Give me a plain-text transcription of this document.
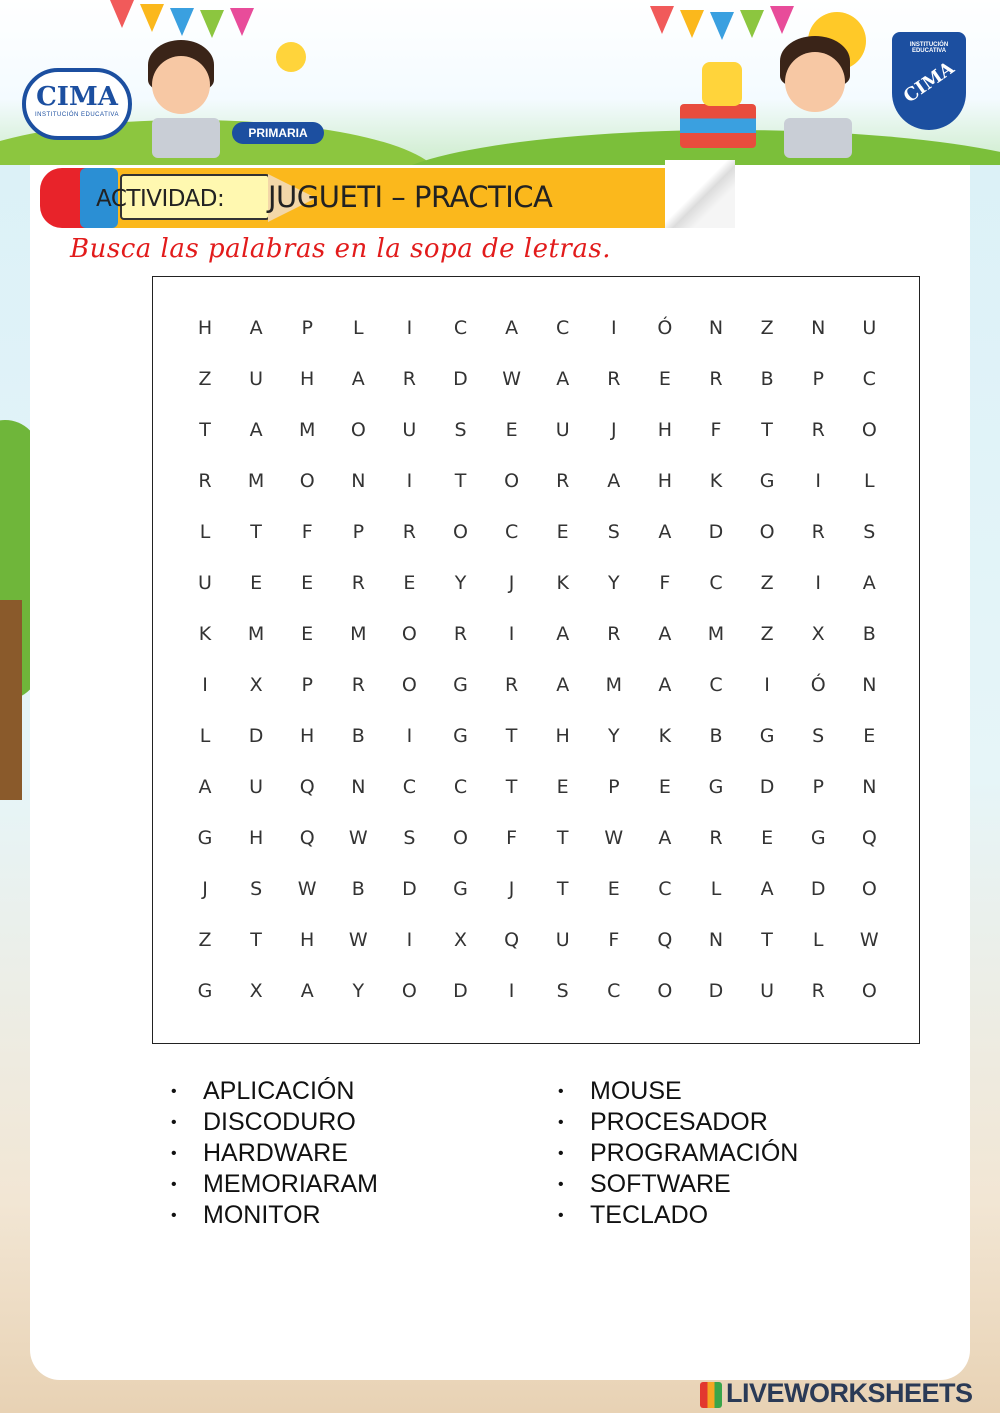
CIMA
INSTITUCIÓN EDUCATIVA
PRIMARIA
INSTITUCIÓN EDUCATIVA
CIMA
ACTIVIDAD: JUGUETI – PRACTICA
Busca las palabras en la sopa de letras.
H	A	P	L	I	C	A	C	I	Ó	N	Z	N	U
Z	U	H	A	R	D	W	A	R	E	R	B	P	C
T	A	M	O	U	S	E	U	J	H	F	T	R	O
R	M	O	N	I	T	O	R	A	H	K	G	I	L
L	T	F	P	R	O	C	E	S	A	D	O	R	S
U	E	E	R	E	Y	J	K	Y	F	C	Z	I	A
K	M	E	M	O	R	I	A	R	A	M	Z	X	B
I	X	P	R	O	G	R	A	M	A	C	I	Ó	N
L	D	H	B	I	G	T	H	Y	K	B	G	S	E
A	U	Q	N	C	C	T	E	P	E	G	D	P	N
G	H	Q	W	S	O	F	T	W	A	R	E	G	Q
J	S	W	B	D	G	J	T	E	C	L	A	D	O
Z	T	H	W	I	X	Q	U	F	Q	N	T	L	W
G	X	A	Y	O	D	I	S	C	O	D	U	R	O
• APLICACIÓN
• DISCODURO
• HARDWARE
• MEMORIARAM
• MONITOR
• MOUSE
• PROCESADOR
• PROGRAMACIÓN
• SOFTWARE
• TECLADO
LIVEWORKSHEETS
